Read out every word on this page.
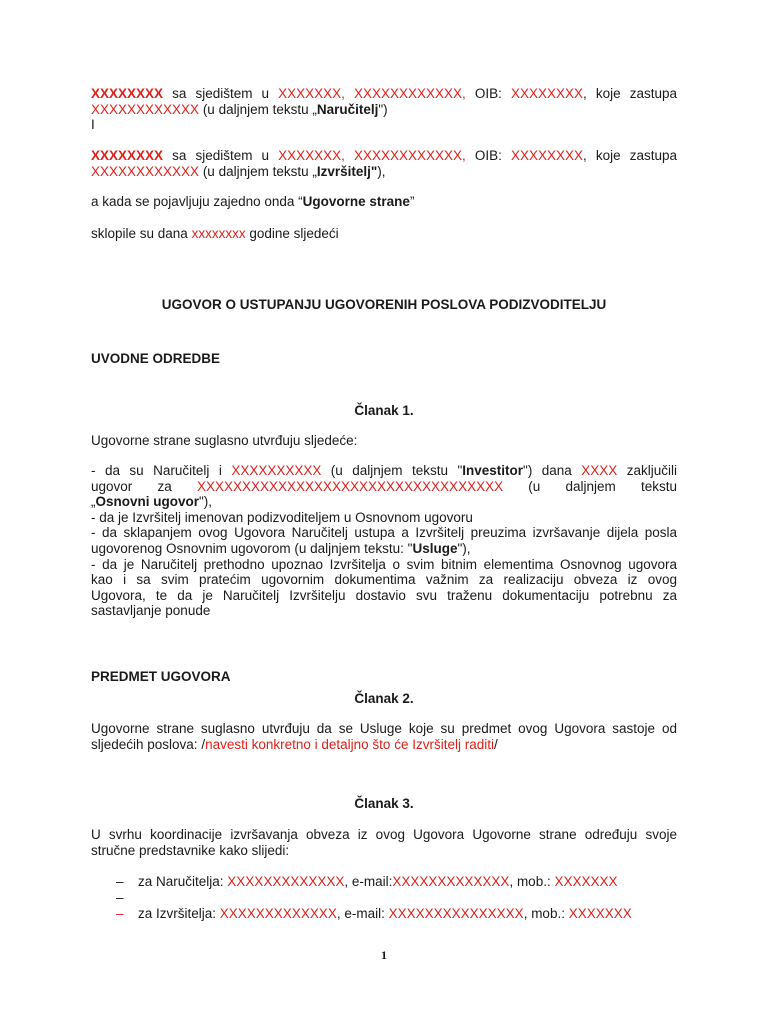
XXXXXXXX sa sjedištem u XXXXXXX, XXXXXXXXXXXX, OIB: XXXXXXXX, koje zastupa
XXXXXXXXXXXX (u daljnjem tekstu „Naručitelj")
I
XXXXXXXX sa sjedištem u XXXXXXX, XXXXXXXXXXXX, OIB: XXXXXXXX, koje zastupa
XXXXXXXXXXXX (u daljnjem tekstu „Izvršitelj"),
a kada se pojavljuju zajedno onda “Ugovorne strane”
sklopile su dana xxxxxxxx godine sljedeći
UGOVOR O USTUPANJU UGOVORENIH POSLOVA PODIZVODITELJU
UVODNE ODREDBE
Članak 1.
Ugovorne strane suglasno utvrđuju sljedeće:
- da su Naručitelj i XXXXXXXXXX (u daljnjem tekstu "Investitor") dana XXXX zaključili
ugovor za XXXXXXXXXXXXXXXXXXXXXXXXXXXXXXXXXX (u daljnjem tekstu
„Osnovni ugovor"),
- da je Izvršitelj imenovan podizvoditeljem u Osnovnom ugovoru
- da sklapanjem ovog Ugovora Naručitelj ustupa a Izvršitelj preuzima izvršavanje dijela posla
ugovorenog Osnovnim ugovorom (u daljnjem tekstu: "Usluge"),
- da je Naručitelj prethodno upoznao Izvršitelja o svim bitnim elementima Osnovnog ugovora
kao i sa svim pratećim ugovornim dokumentima važnim za realizaciju obveza iz ovog
Ugovora, te da je Naručitelj Izvršitelju dostavio svu traženu dokumentaciju potrebnu za
sastavljanje ponude
PREDMET UGOVORA
Članak 2.
Ugovorne strane suglasno utvrđuju da se Usluge koje su predmet ovog Ugovora sastoje od
sljedećih poslova: /navesti konkretno i detaljno što će Izvršitelj raditi/
Članak 3.
U svrhu koordinacije izvršavanja obveza iz ovog Ugovora Ugovorne strane određuju svoje
stručne predstavnike kako slijedi:
– za Naručitelja: XXXXXXXXXXXXX, e-mail:XXXXXXXXXXXXX, mob.: XXXXXXX
–
– za Izvršitelja: XXXXXXXXXXXXX, e-mail: XXXXXXXXXXXXXXX, mob.: XXXXXXX
1
